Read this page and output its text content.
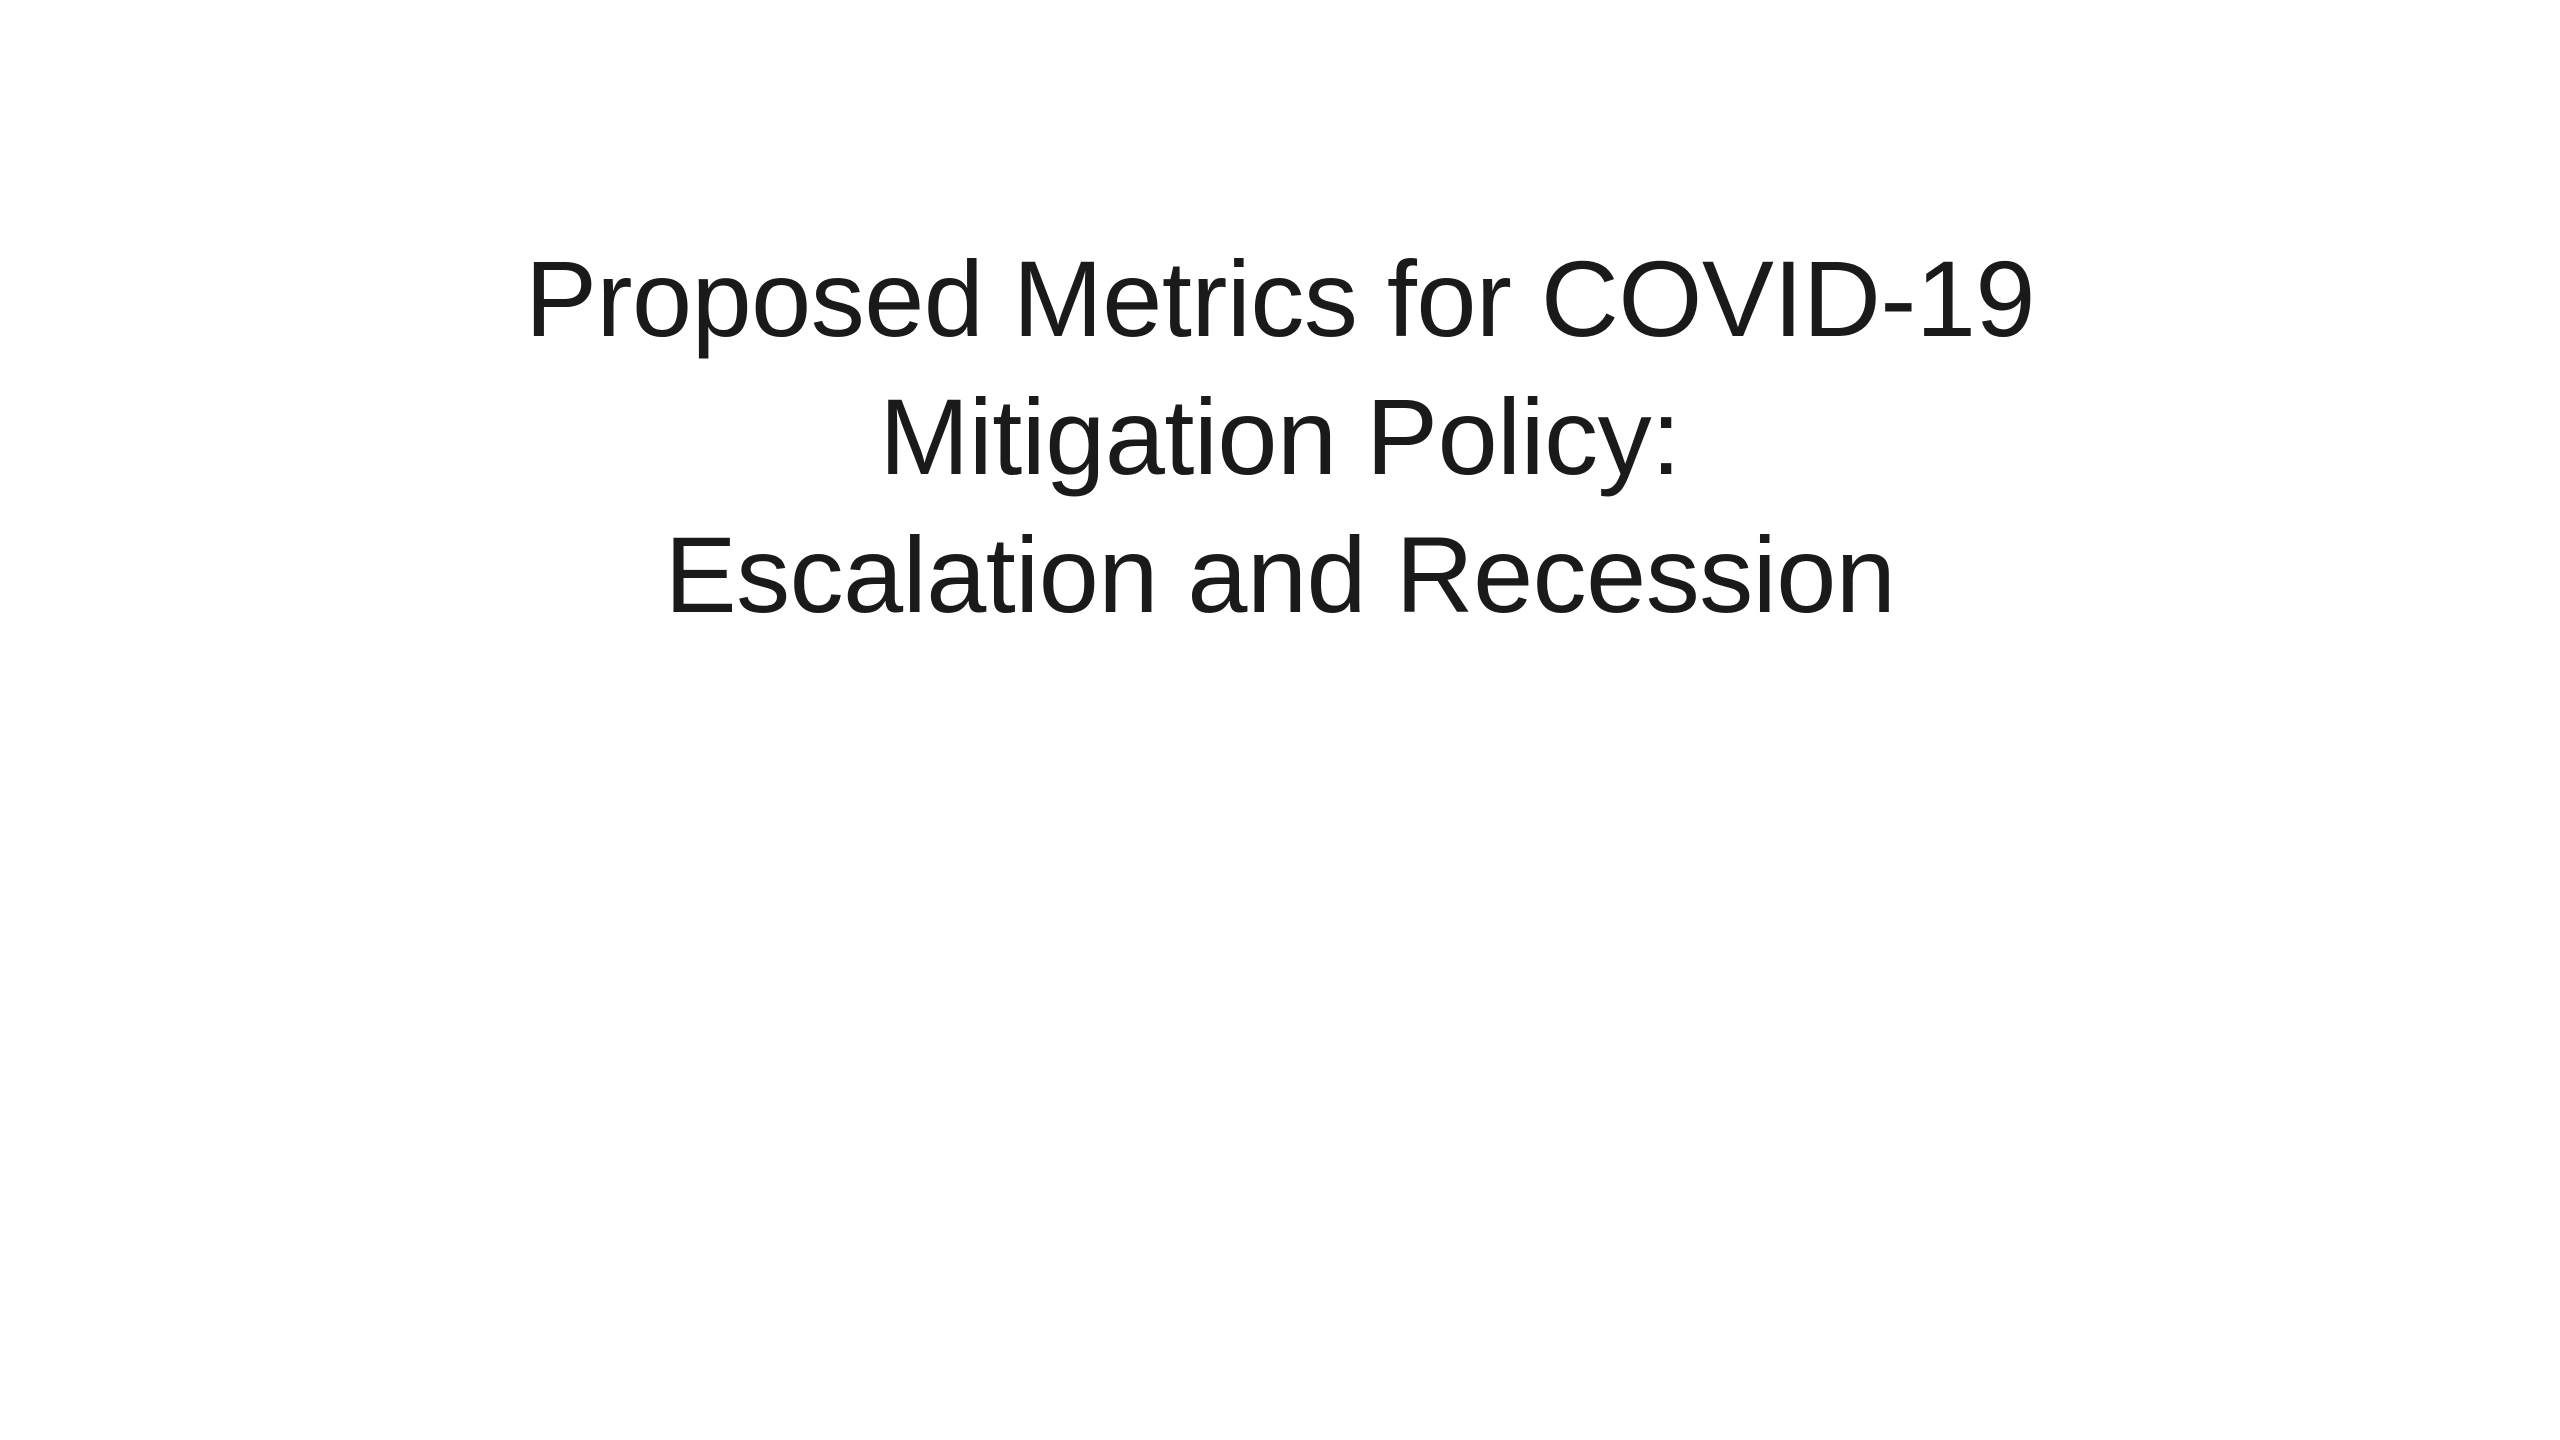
Proposed Metrics for COVID-19
Mitigation Policy:
Escalation and Recession
